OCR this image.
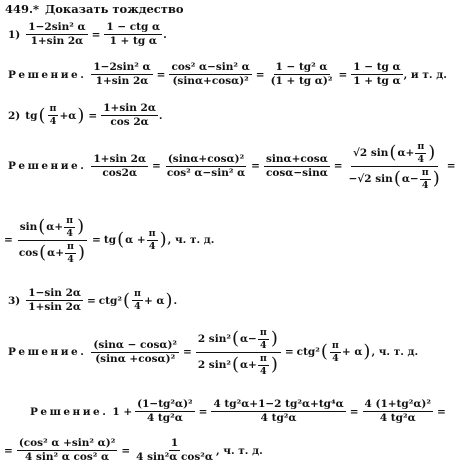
449.* Доказать тождество
$1) \frac{\text{1−2sin² α}}{1+\sin 2\alpha} = \frac{\text{1 − ctg α}}{\text{1 + tg α}}$ .
Решение. $\frac{\text{1−2sin² α}}{1+\sin 2\alpha} = \frac{\text{cos² α−sin² α}}{\text{(sinα+cosα)²}} = \frac{\text{1 − tg² α}}{\text{(1 + tg α)²}} = \frac{\text{1 − tg α}}{\text{1 + tg α}}$ , и т. д.
2) tg ( $\frac{\pi}{4} +\alpha$ ) = $\frac{1+\sin 2\alpha}{\cos 2\alpha}$ .
Решение. $\frac{1+\sin 2\alpha}{\cos 2\alpha} = \frac{\text{(sinα+cosα)²}}{\text{cos² α−sin² α}} = \frac{\sin\alpha+\cos\alpha}{\cos\alpha-\sin\alpha} = \frac{√2 \sin ( \alpha+ \frac{\pi}{4} )}{-√2 \sin ( \alpha- \frac{\pi}{4} )}$ =
= $\frac{\sin ( \alpha+ \frac{\pi}{4} )}{\cos ( \alpha+ \frac{\pi}{4} )}$ = tg ( $\alpha + \frac{\pi}{4}$ ) , ч. т. д.
$3) \frac{1-\sin 2\alpha}{1+\sin 2\alpha} = ctg^2$ ( $\frac{\pi}{4} + \alpha$ ) .
Решение. $\frac{\text{(sinα − cosα)²}}{\text{(sinα +cosα)²}} = \frac{2 \sin^2 ( \alpha- \frac{\pi}{4} )}{2 \sin^2 ( \alpha+ \frac{\pi}{4} )} = ctg^2$ ( $\frac{\pi}{4} + \alpha$ ) , ч. т. д.
Решение. $1 + \frac{\text{(1−tg²α)²}}{\text{4 tg²α}} = \frac{\text{4 tg²α+1−2 tg²α+tg⁴α}}{\text{4 tg²α}} = \frac{\text{4 (1+tg²α)²}}{\text{4 tg²α}}$ =
= $\frac{\text{(cos² α +sin² α)²}}{\text{4 sin² α cos² α}} = \frac{1}{\text{4 sin²α cos²α}}$ , ч. т. д.
